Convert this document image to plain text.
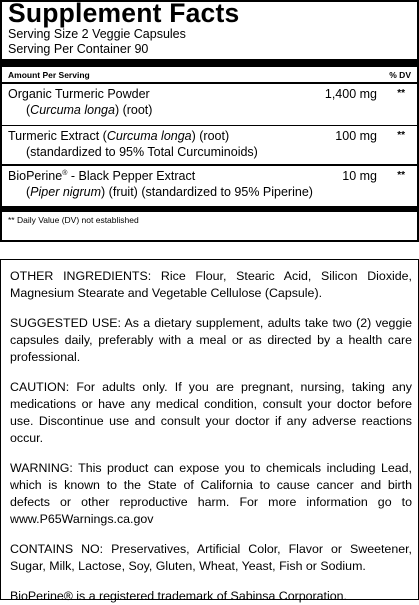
Supplement Facts
Serving Size 2 Veggie Capsules
Serving Per Container 90
Amount Per Serving	% DV
Organic Turmeric Powder
(Curcuma longa) (root)
1,400 mg **
Turmeric Extract (Curcuma longa) (root)
(standardized to 95% Total Curcuminoids)
100 mg **
BioPerine® - Black Pepper Extract
(Piper nigrum) (fruit) (standardized to 95% Piperine)
10 mg **
** Daily Value (DV) not established

OTHER INGREDIENTS: Rice Flour, Stearic Acid, Silicon Dioxide, Magnesium Stearate and Vegetable Cellulose (Capsule).

SUGGESTED USE: As a dietary supplement, adults take two (2) veggie capsules daily, preferably with a meal or as directed by a health care professional.

CAUTION: For adults only. If you are pregnant, nursing, taking any medications or have any medical condition, consult your doctor before use. Discontinue use and consult your doctor if any adverse reactions occur.

WARNING: This product can expose you to chemicals including Lead, which is known to the State of California to cause cancer and birth defects or other reproductive harm. For more information go to www.P65Warnings.ca.gov

CONTAINS NO: Preservatives, Artificial Color, Flavor or Sweetener, Sugar, Milk, Lactose, Soy, Gluten, Wheat, Yeast, Fish or Sodium.

BioPerine® is a registered trademark of Sabinsa Corporation.
